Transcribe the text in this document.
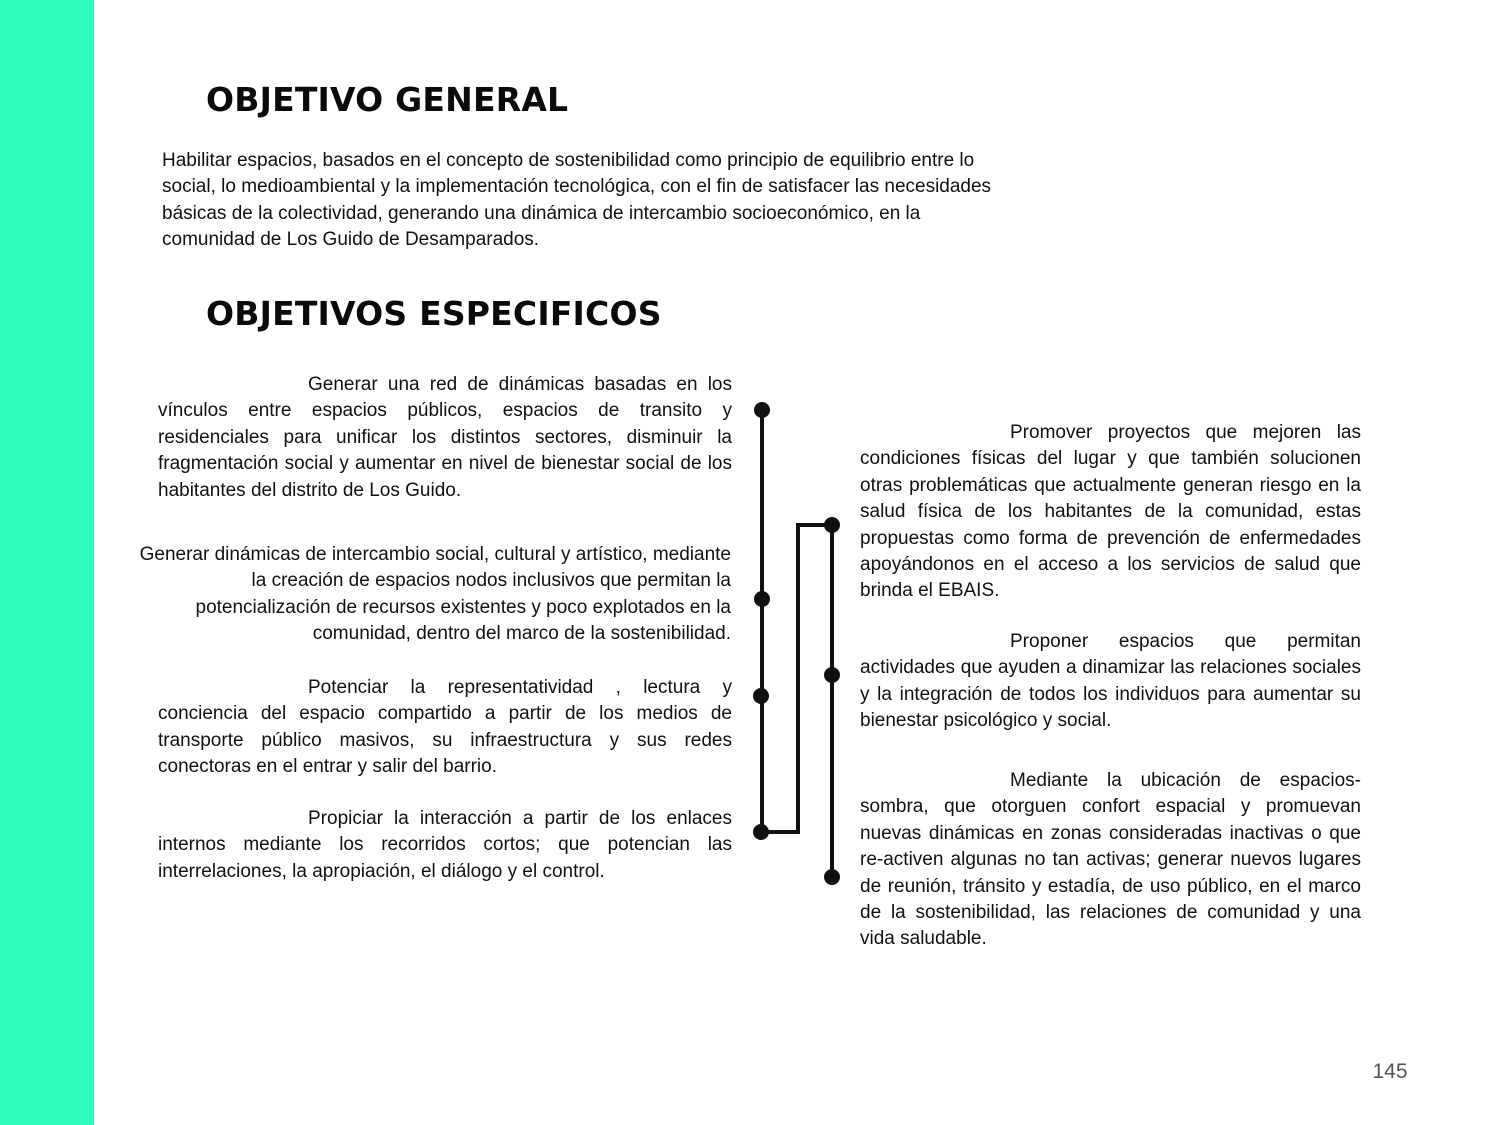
OBJETIVO GENERAL

Habilitar espacios, basados en el concepto de sostenibilidad como principio de equilibrio entre lo social, lo medioambiental y la implementación tecnológica, con el fin de satisfacer las necesidades básicas de la colectividad, generando una dinámica de intercambio socioeconómico, en la comunidad de Los Guido de Desamparados.

OBJETIVOS ESPECIFICOS

Generar una red de dinámicas basadas en los vínculos entre espacios públicos, espacios de transito y residenciales para unificar los distintos sectores, disminuir la fragmentación social y aumentar en nivel de bienestar social de los habitantes del distrito de Los Guido.

Generar dinámicas de intercambio social, cultural y artístico, mediante la creación de espacios nodos inclusivos que permitan la potencialización de recursos existentes y poco explotados en la comunidad, dentro del marco de la sostenibilidad.

Potenciar la representatividad , lectura y conciencia del espacio compartido a partir de los medios de transporte público masivos, su infraestructura y sus redes conectoras en el entrar y salir del barrio.

Propiciar la interacción a partir de los enlaces internos mediante los recorridos cortos; que potencian las interrelaciones, la apropiación, el diálogo y el control.

Promover proyectos que mejoren las condiciones físicas del lugar y que también solucionen otras problemáticas que actualmente generan riesgo en la salud física de los habitantes de la comunidad, estas propuestas como forma de prevención de enfermedades apoyándonos en el acceso a los servicios de salud que brinda el EBAIS.

Proponer espacios que permitan actividades que ayuden a dinamizar las relaciones sociales y la integración de todos los individuos para aumentar su bienestar psicológico y social.

Mediante la ubicación de espacios-sombra, que otorguen confort espacial y promuevan nuevas dinámicas en zonas consideradas inactivas o que re-activen algunas no tan activas; generar nuevos lugares de reunión, tránsito y estadía, de uso público, en el marco de la sostenibilidad, las relaciones de comunidad y una vida saludable.

145
